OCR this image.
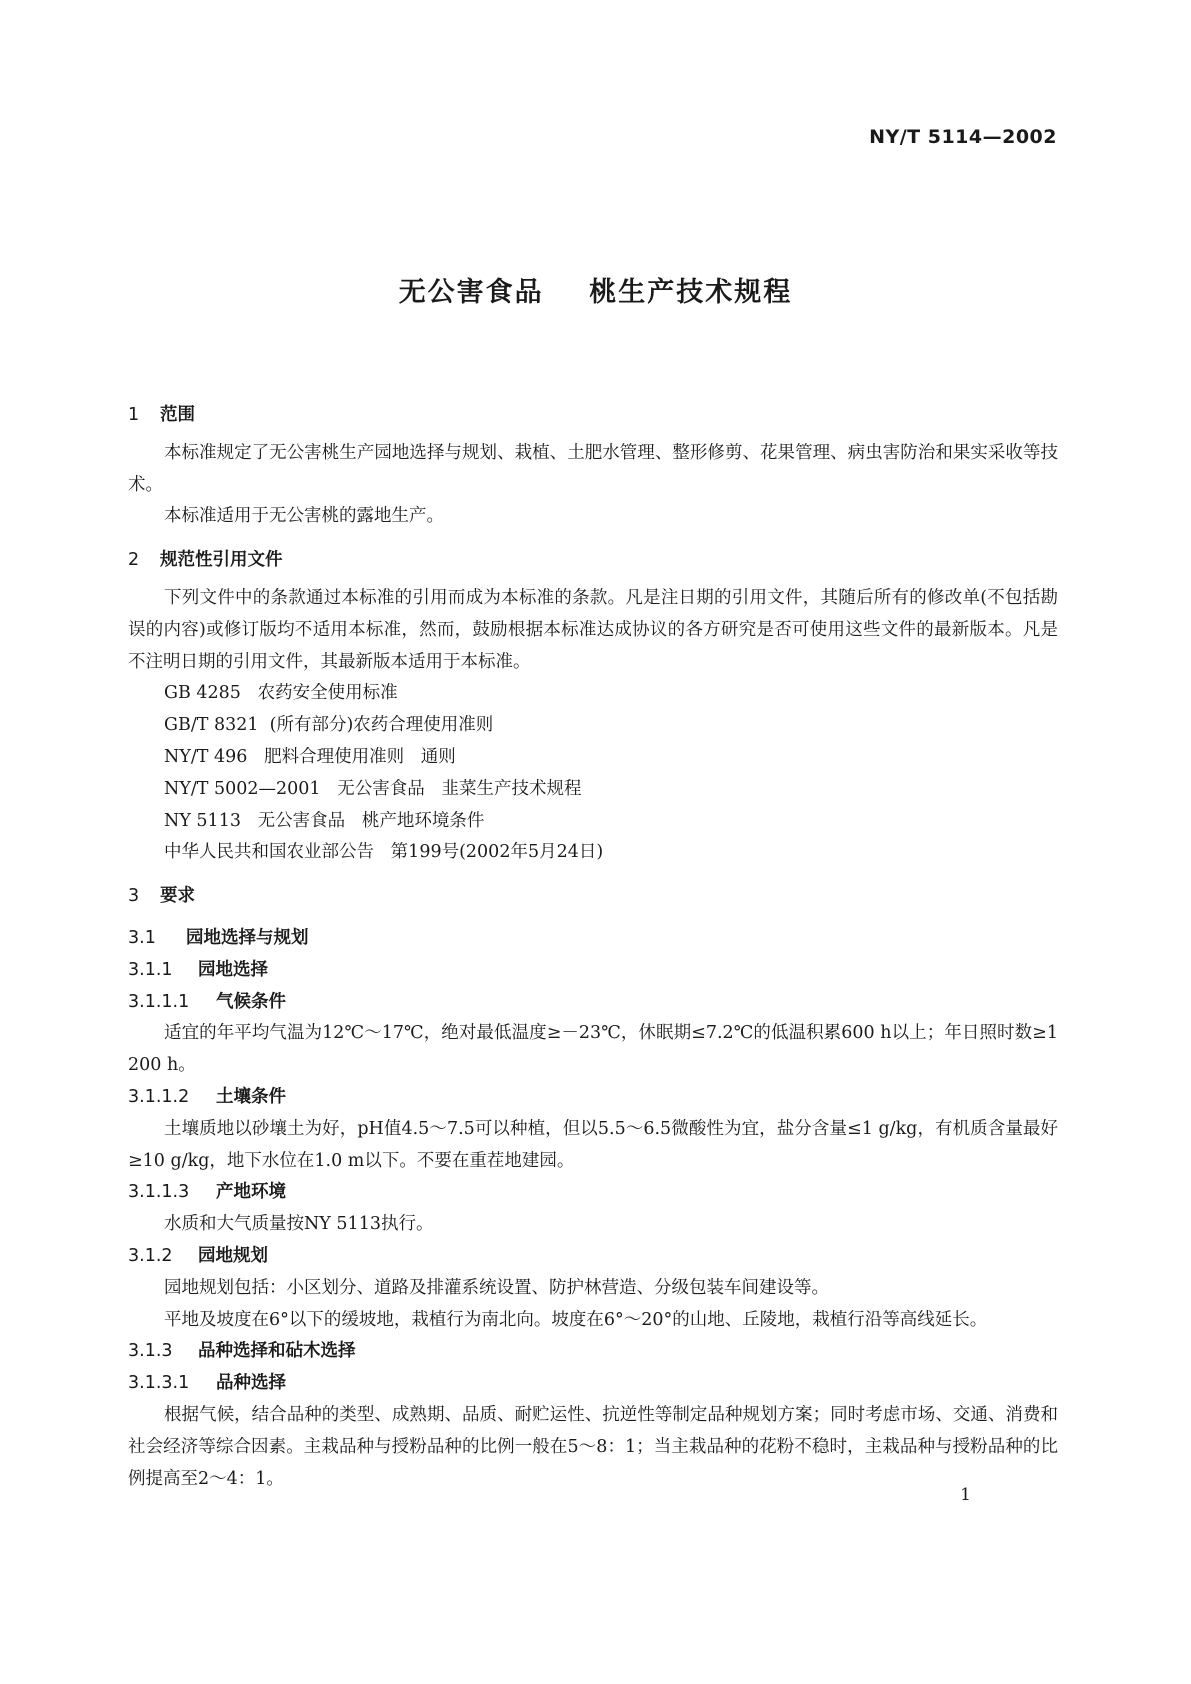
NY/T 5114—2002
无公害食品    桃生产技术规程
1 范围

本标准规定了无公害桃生产园地选择与规划、栽植、土肥水管理、整形修剪、花果管理、病虫害防治和果实采收等技术。

本标准适用于无公害桃的露地生产。

2 规范性引用文件

下列文件中的条款通过本标准的引用而成为本标准的条款。凡是注日期的引用文件，其随后所有的修改单(不包括勘误的内容)或修订版均不适用本标准，然而，鼓励根据本标准达成协议的各方研究是否可使用这些文件的最新版本。凡是不注明日期的引用文件，其最新版本适用于本标准。

GB 4285   农药安全使用标准

GB/T 8321  (所有部分)农药合理使用准则

NY/T 496   肥料合理使用准则   通则

NY/T 5002—2001   无公害食品   韭菜生产技术规程

NY 5113   无公害食品   桃产地环境条件

中华人民共和国农业部公告   第199号(2002年5月24日)

3 要求
3.1 园地选择与规划
3.1.1 园地选择
3.1.1.1 气候条件

适宜的年平均气温为12℃～17℃，绝对最低温度≥－23℃，休眠期≤7.2℃的低温积累600 h以上；年日照时数≥1 200 h。

3.1.1.2 土壤条件

土壤质地以砂壤土为好，pH值4.5～7.5可以种植，但以5.5～6.5微酸性为宜，盐分含量≤1 g/kg，有机质含量最好≥10 g/kg，地下水位在1.0 m以下。不要在重茬地建园。

3.1.1.3 产地环境

水质和大气质量按NY 5113执行。

3.1.2 园地规划

园地规划包括：小区划分、道路及排灌系统设置、防护林营造、分级包装车间建设等。

平地及坡度在6°以下的缓坡地，栽植行为南北向。坡度在6°～20°的山地、丘陵地，栽植行沿等高线延长。

3.1.3 品种选择和砧木选择
3.1.3.1 品种选择

根据气候，结合品种的类型、成熟期、品质、耐贮运性、抗逆性等制定品种规划方案；同时考虑市场、交通、消费和社会经济等综合因素。主栽品种与授粉品种的比例一般在5～8：1；当主栽品种的花粉不稳时，主栽品种与授粉品种的比例提高至2～4：1。

1
